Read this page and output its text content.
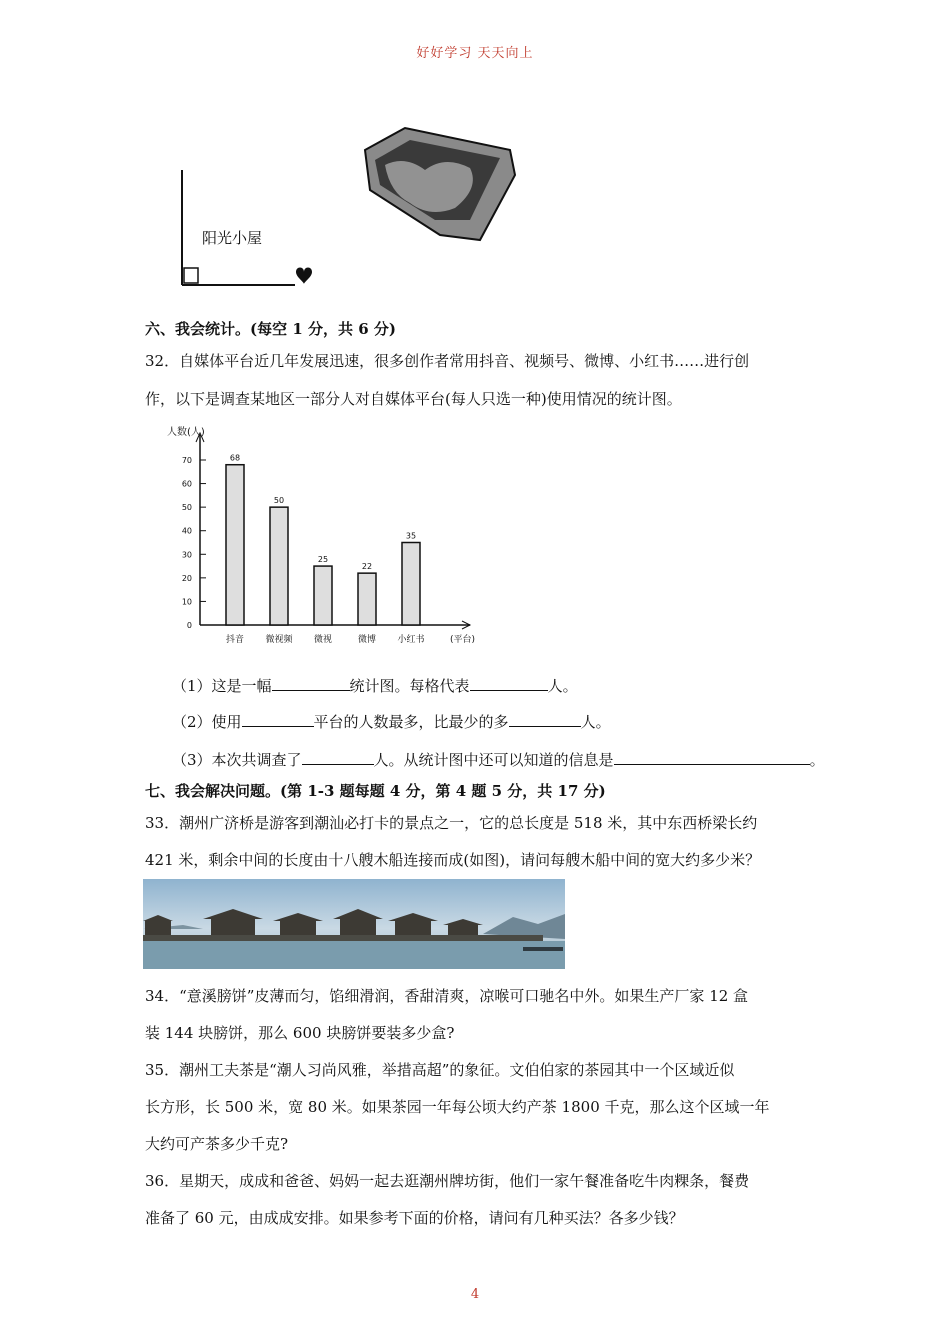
好好学习 天天向上
阳光小屋
六、我会统计。(每空 1 分，共 6 分)
32．自媒体平台近几年发展迅速，很多创作者常用抖音、视频号、微博、小红书……进行创
作，以下是调查某地区一部分人对自媒体平台(每人只选一种)使用情况的统计图。
0
10
20
30
40
50
60
70
人数(人)
(平台)
68
抖音
50
微视频
25
微视
22
微博
35
小红书
（1）这是一幅	统计图。每格代表	人。
（2）使用	平台的人数最多，比最少的多	人。
（3）本次共调查了	人。从统计图中还可以知道的信息是	。
七、我会解决问题。(第 1-3 题每题 4 分，第 4 题 5 分，共 17 分)
33．潮州广济桥是游客到潮汕必打卡的景点之一，它的总长度是 518 米，其中东西桥梁长约
421 米，剩余中间的长度由十八艘木船连接而成(如图)，请问每艘木船中间的宽大约多少米？
34．“意溪膀饼”皮薄而匀，馅细滑润，香甜清爽，凉喉可口驰名中外。如果生产厂家 12 盒
装 144 块膀饼，那么 600 块膀饼要装多少盒?
35．潮州工夫茶是“潮人习尚风雅，举措高超”的象征。文伯伯家的茶园其中一个区域近似
长方形，长 500 米，宽 80 米。如果茶园一年每公顷大约产茶 1800 千克，那么这个区域一年
大约可产茶多少千克?
36．星期天，成成和爸爸、妈妈一起去逛潮州牌坊街，他们一家午餐准备吃牛肉粿条，餐费
准备了 60 元，由成成安排。如果参考下面的价格，请问有几种买法？各多少钱？
4
